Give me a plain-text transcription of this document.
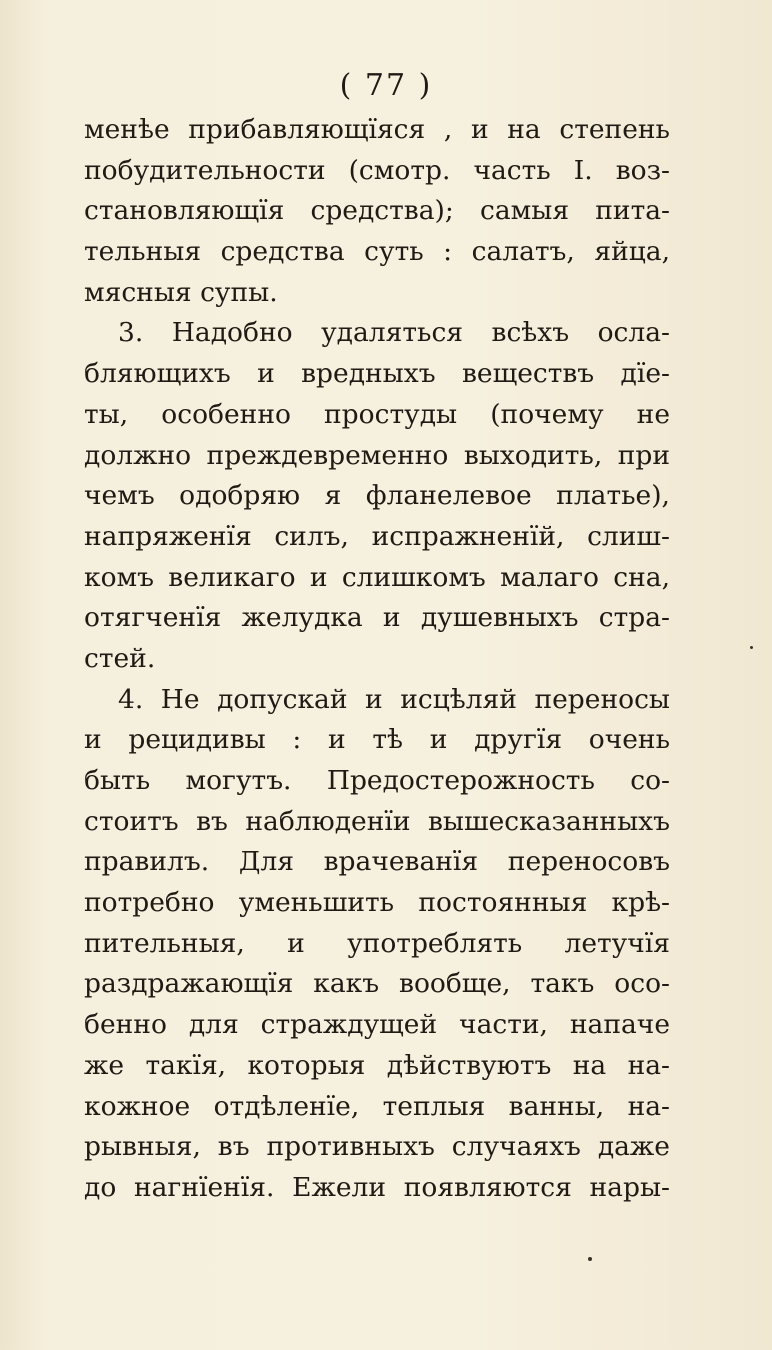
( 77 )
менѣе прибавляющїяся , и на степень
побудительности (смотр. часть I. воз-
становляющїя средства); самыя пита-
тельныя средства суть : салатъ, яйца,
мясныя супы.
3. Надобно удаляться всѣхъ осла-
бляющихъ и вредныхъ веществъ дїе-
ты, особенно простуды (почему не
должно преждевременно выходить, при
чемъ одобряю я фланелевое платье),
напряженїя силъ, испражненїй, слиш-
комъ великаго и слишкомъ малаго сна,
отягченїя желудка и душевныхъ стра-
стей.
4. Не допускай и исцѣляй переносы
и рецидивы : и тѣ и другїя очень
быть могутъ. Предостерожность со-
стоитъ въ наблюденїи вышесказанныхъ
правилъ. Для врачеванїя переносовъ
потребно уменьшить постоянныя крѣ-
пительныя, и употреблять летучїя
раздражающїя какъ вообще, такъ осо-
бенно для страждущей части, напаче
же такїя, которыя дѣйствуютъ на на-
кожное отдѣленїе, теплыя ванны, на-
рывныя, въ противныхъ случаяхъ даже
до нагнїенїя. Ежели появляются нары-
